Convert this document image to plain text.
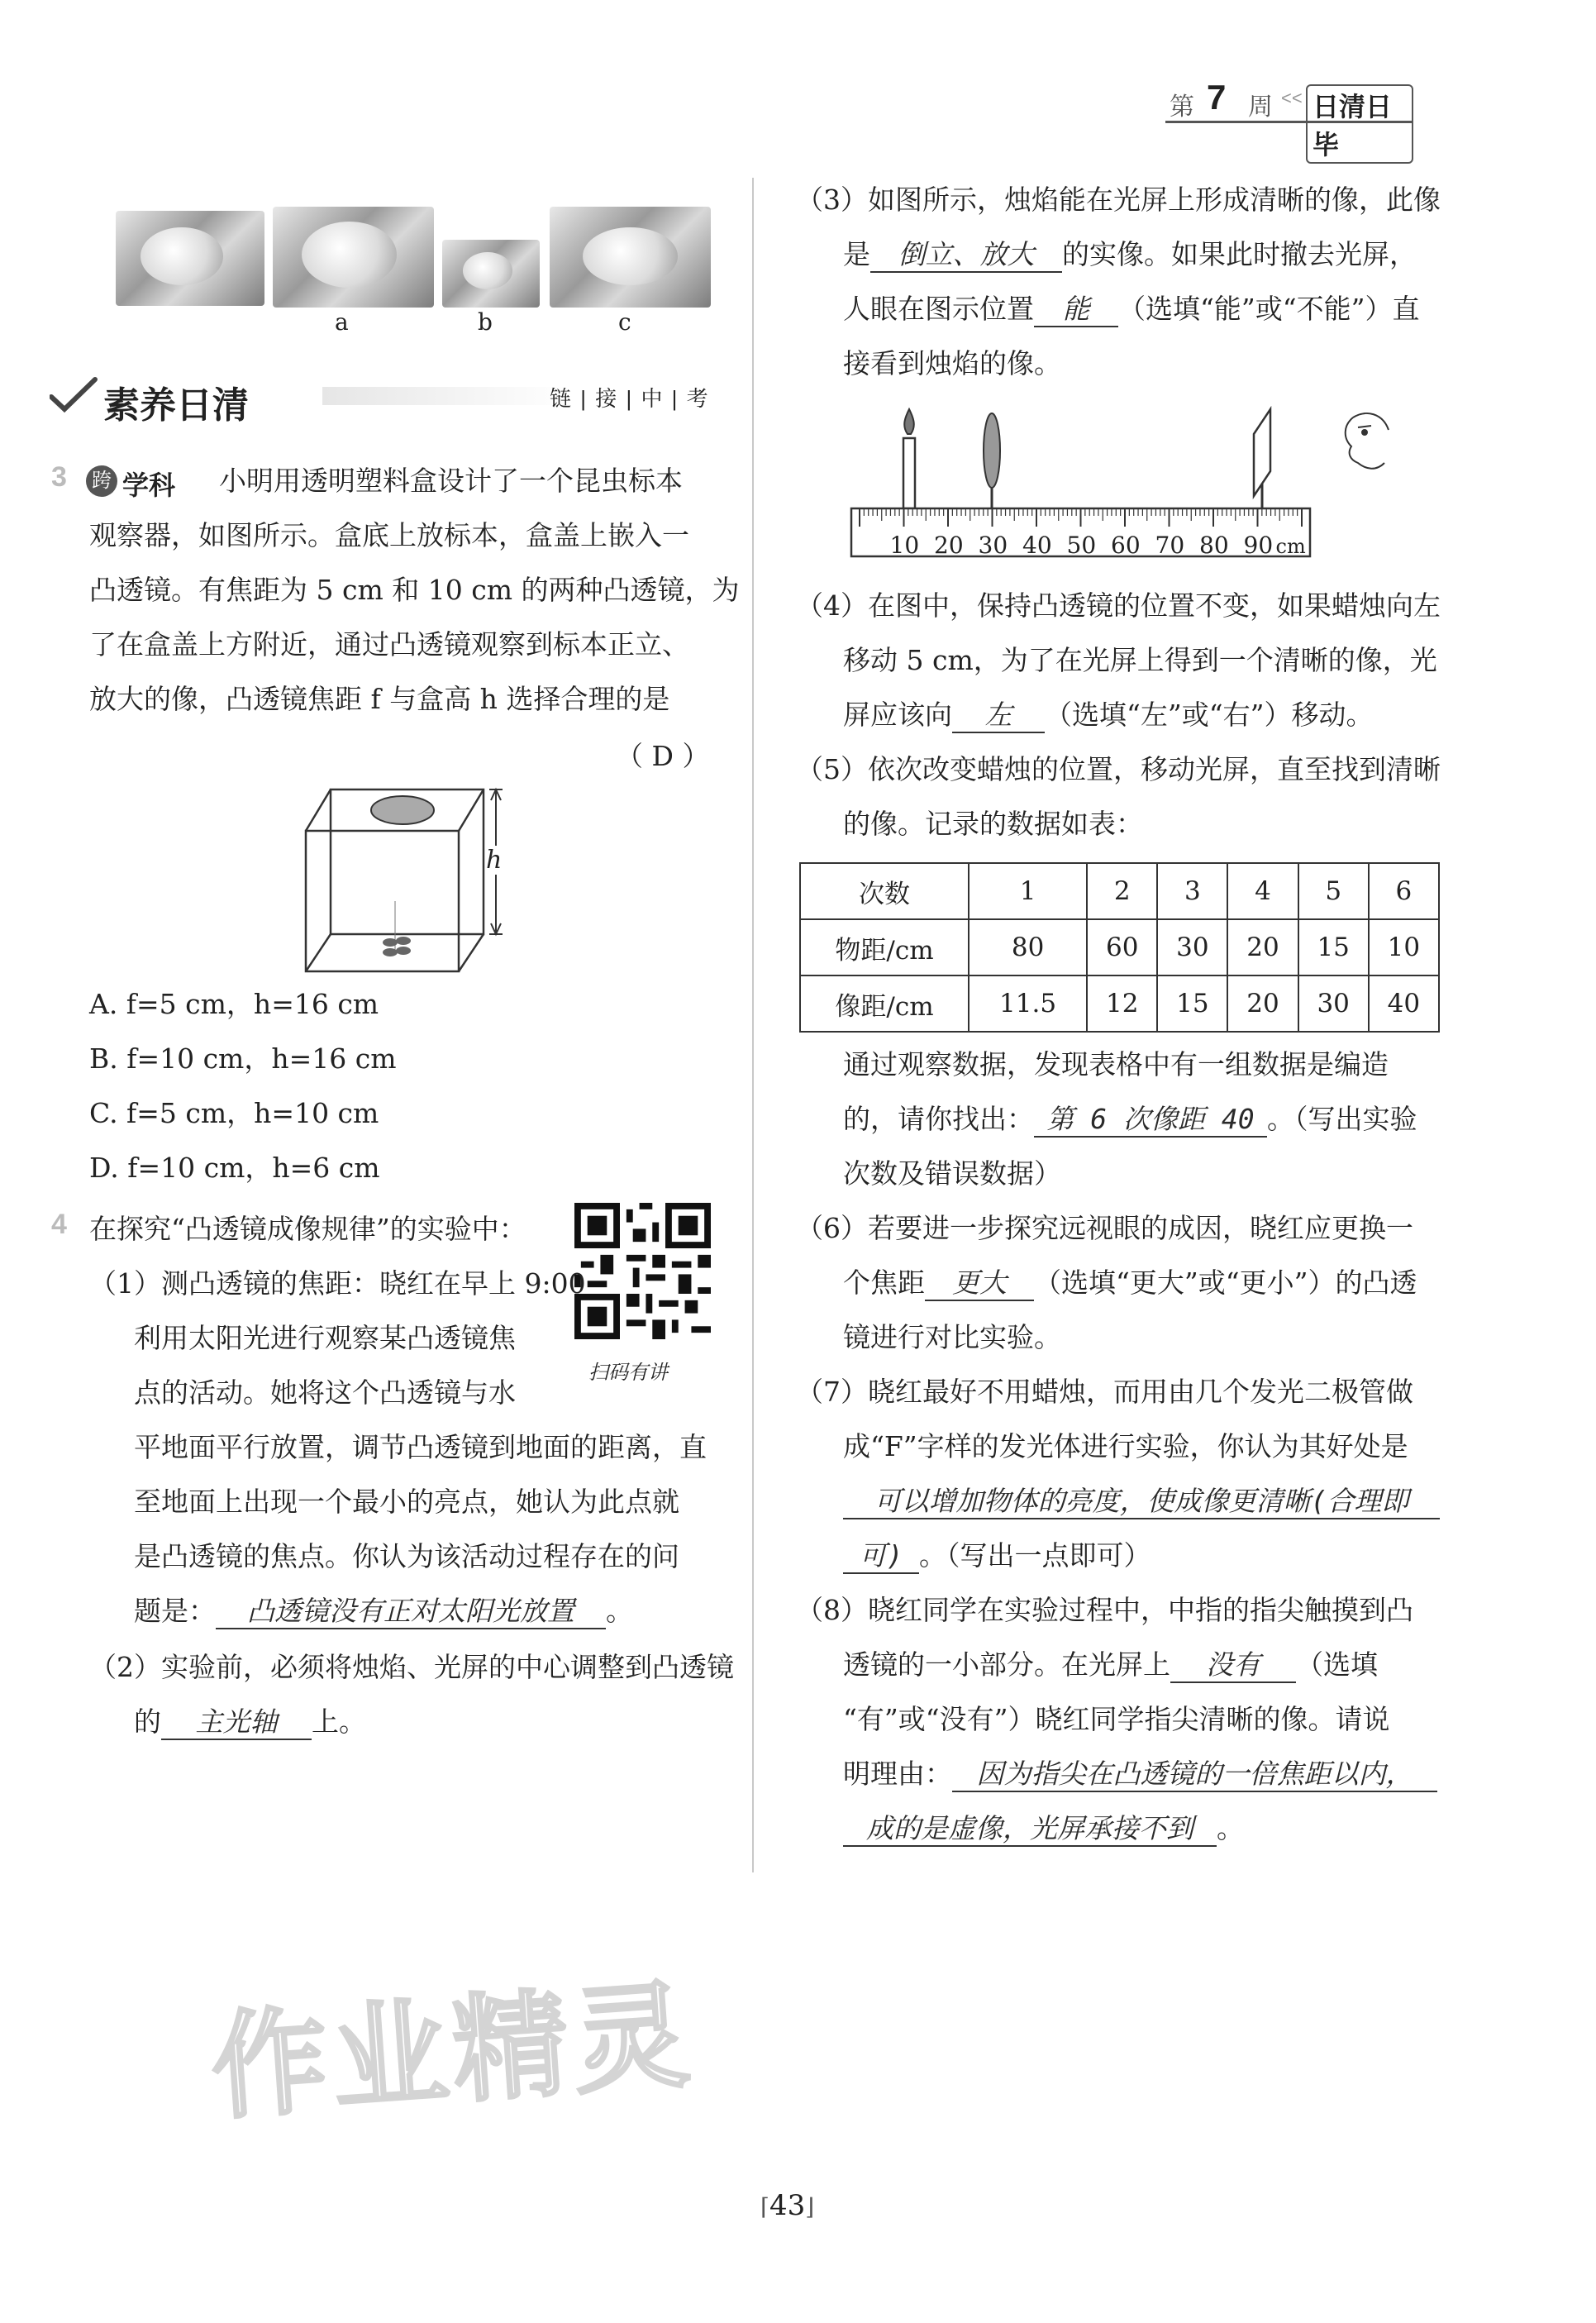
第 7 周 << 日清日毕
a	b	c
素养日清	链 | 接 | 中 | 考
3 跨 学科 小明用透明塑料盒设计了一个昆虫标本
观察器，如图所示。盒底上放标本，盒盖上嵌入一
凸透镜。有焦距为 5 cm 和 10 cm 的两种凸透镜，为
了在盒盖上方附近，通过凸透镜观察到标本正立、
放大的像，凸透镜焦距 f 与盒高 h 选择合理的是
（ D ）
h
A. f=5 cm，h=16 cm
B. f=10 cm，h=16 cm
C. f=5 cm，h=10 cm
D. f=10 cm，h=6 cm
4 在探究“凸透镜成像规律”的实验中：
扫码有讲
（1）测凸透镜的焦距：晓红在早上 9:00
利用太阳光进行观察某凸透镜焦
点的活动。她将这个凸透镜与水
平地面平行放置，调节凸透镜到地面的距离，直
至地面上出现一个最小的亮点，她认为此点就
是凸透镜的焦点。你认为该活动过程存在的问
题是： 凸透镜没有正对太阳光放置 。
（2）实验前，必须将烛焰、光屏的中心调整到凸透镜
的 主光轴 上。
（3）如图所示，烛焰能在光屏上形成清晰的像，此像
是 倒立、放大 的实像。如果此时撤去光屏，
人眼在图示位置 能 （选填“能”或“不能”）直
接看到烛焰的像。
10 20 30 40 50 60 70 80 90 cm
（4）在图中，保持凸透镜的位置不变，如果蜡烛向左
移动 5 cm，为了在光屏上得到一个清晰的像，光
屏应该向 左 （选填“左”或“右”）移动。
（5）依次改变蜡烛的位置，移动光屏，直至找到清晰
的像。记录的数据如表：
次数	1	2	3	4	5	6
物距/cm	80	60	30	20	15	10
像距/cm	11.5	12	15	20	30	40
通过观察数据，发现表格中有一组数据是编造
的，请你找出： 第 6 次像距 40 。（写出实验
次数及错误数据）
（6）若要进一步探究远视眼的成因，晓红应更换一
个焦距 更大 （选填“更大”或“更小”）的凸透
镜进行对比实验。
（7）晓红最好不用蜡烛，而用由几个发光二极管做
成“F”字样的发光体进行实验，你认为其好处是
可以增加物体的亮度，使成像更清晰(合理即
可) 。（写出一点即可）
（8）晓红同学在实验过程中，中指的指尖触摸到凸
透镜的一小部分。在光屏上 没有 （选填
“有”或“没有”）晓红同学指尖清晰的像。请说
明理由： 因为指尖在凸透镜的一倍焦距以内，
成的是虚像，光屏承接不到 。
作业精灵
⌈43⌋
